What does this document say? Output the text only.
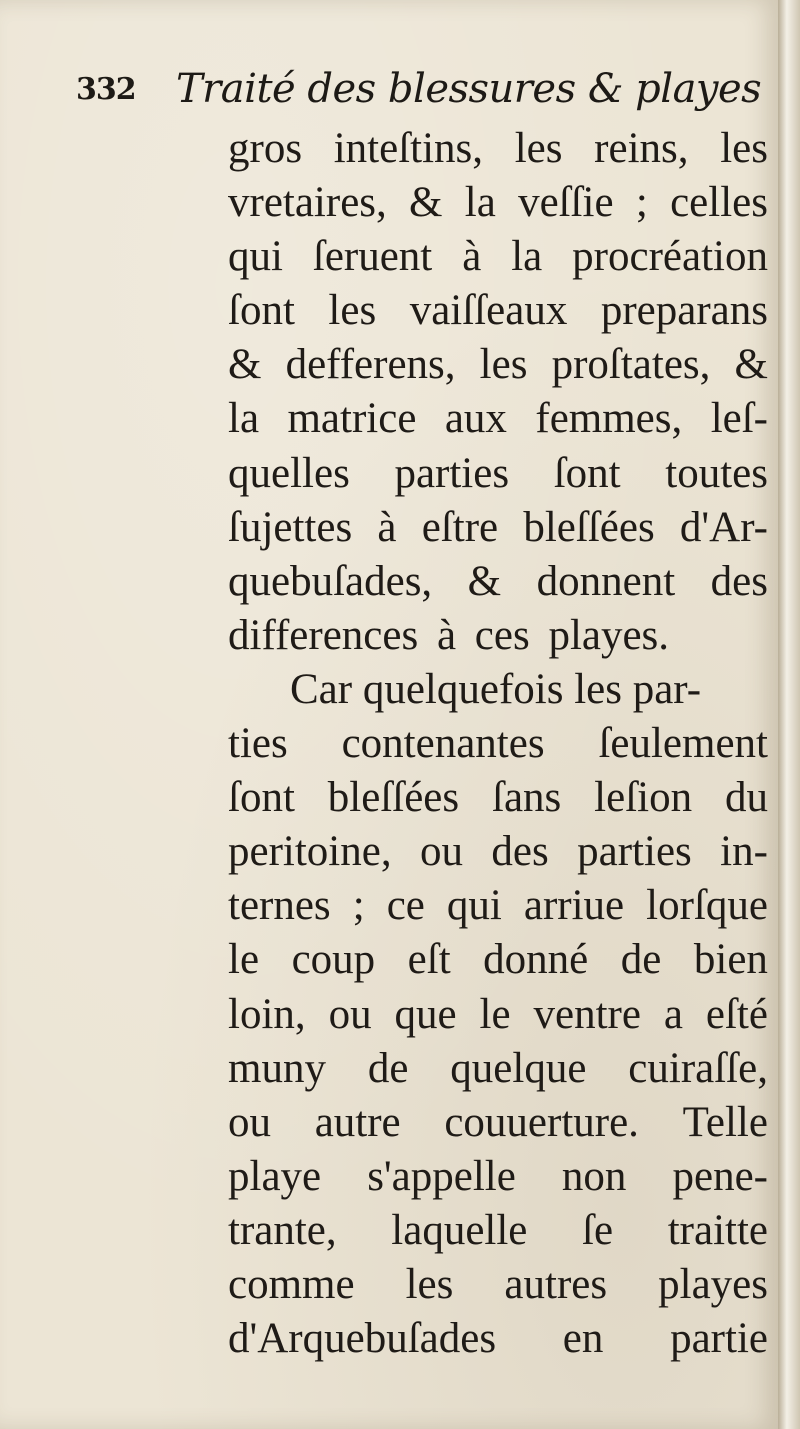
332 Traité des blessures & playes
gros inteſtins, les reins, les
vretaires, & la veſſie ; celles
qui ſeruent à la procréation
ſont les vaiſſeaux preparans
& defferens, les proſtates, &
la matrice aux femmes, leſ-
quelles parties ſont toutes
ſujettes à eſtre bleſſées d'Ar-
quebuſades, & donnent des
differences à ces playes.
Car quelquefois les par-
ties contenantes ſeulement
ſont bleſſées ſans leſion du
peritoine, ou des parties in-
ternes ; ce qui arriue lorſque
le coup eſt donné de bien
loin, ou que le ventre a eſté
muny de quelque cuiraſſe,
ou autre couuerture. Telle
playe s'appelle non pene-
trante, laquelle ſe traitte
comme les autres playes
d'Arquebuſades en partie
